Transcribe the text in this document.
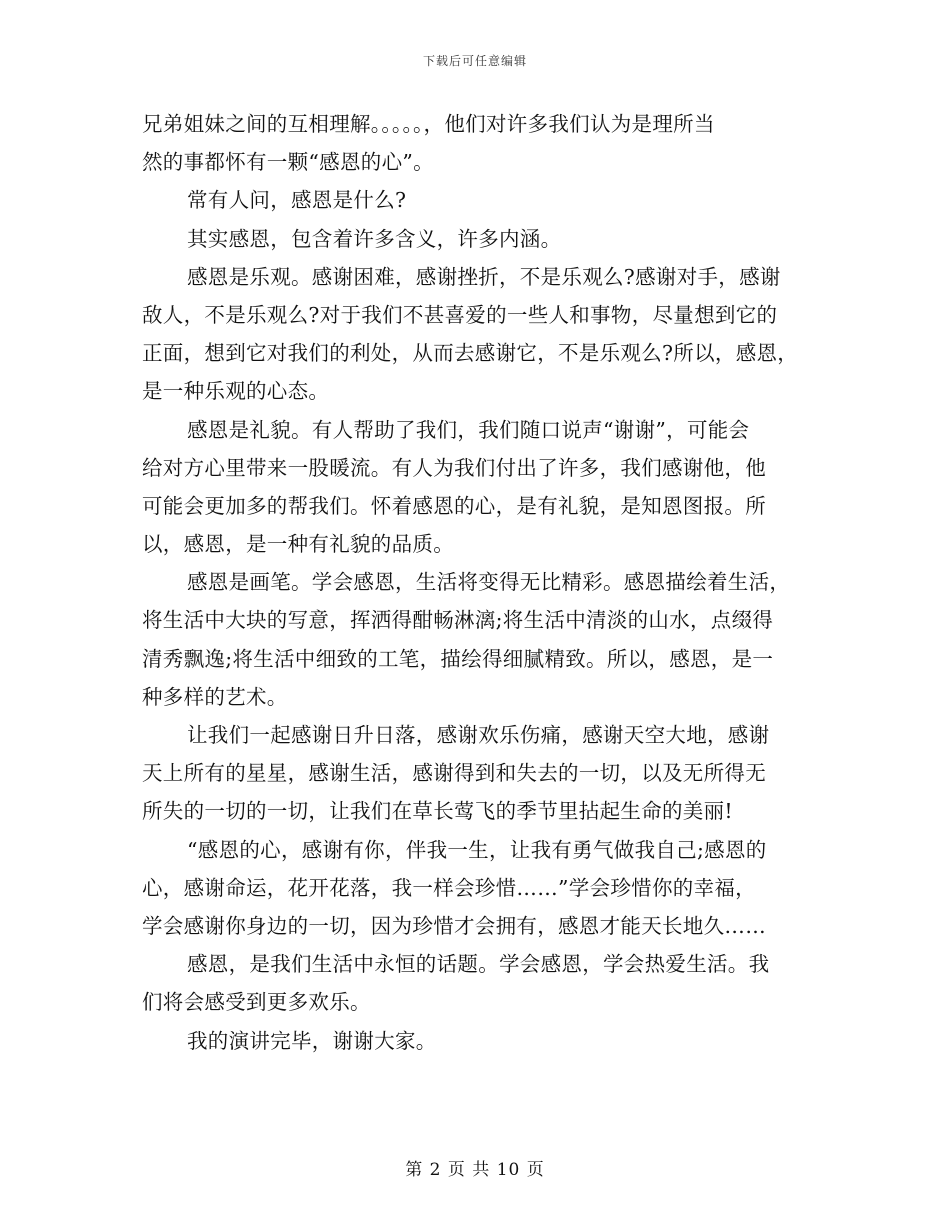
下载后可任意编辑
兄弟姐妹之间的互相理解。。。。。，他们对许多我们认为是理所当
然的事都怀有一颗“感恩的心”。
常有人问，感恩是什么?
其实感恩，包含着许多含义，许多内涵。
感恩是乐观。感谢困难，感谢挫折，不是乐观么?感谢对手，感谢
敌人，不是乐观么?对于我们不甚喜爱的一些人和事物，尽量想到它的
正面，想到它对我们的利处，从而去感谢它，不是乐观么?所以，感恩，
是一种乐观的心态。
感恩是礼貌。有人帮助了我们，我们随口说声“谢谢”，可能会
给对方心里带来一股暖流。有人为我们付出了许多，我们感谢他，他
可能会更加多的帮我们。怀着感恩的心，是有礼貌，是知恩图报。所
以，感恩，是一种有礼貌的品质。
感恩是画笔。学会感恩，生活将变得无比精彩。感恩描绘着生活，
将生活中大块的写意，挥洒得酣畅淋漓;将生活中清淡的山水，点缀得
清秀飘逸;将生活中细致的工笔，描绘得细腻精致。所以，感恩，是一
种多样的艺术。
让我们一起感谢日升日落，感谢欢乐伤痛，感谢天空大地，感谢
天上所有的星星，感谢生活，感谢得到和失去的一切，以及无所得无
所失的一切的一切，让我们在草长莺飞的季节里拈起生命的美丽!
“感恩的心，感谢有你，伴我一生，让我有勇气做我自己;感恩的
心，感谢命运，花开花落，我一样会珍惜……”学会珍惜你的幸福，
学会感谢你身边的一切，因为珍惜才会拥有，感恩才能天长地久……
感恩，是我们生活中永恒的话题。学会感恩，学会热爱生活。我
们将会感受到更多欢乐。
我的演讲完毕，谢谢大家。
第 2 页 共 10 页
